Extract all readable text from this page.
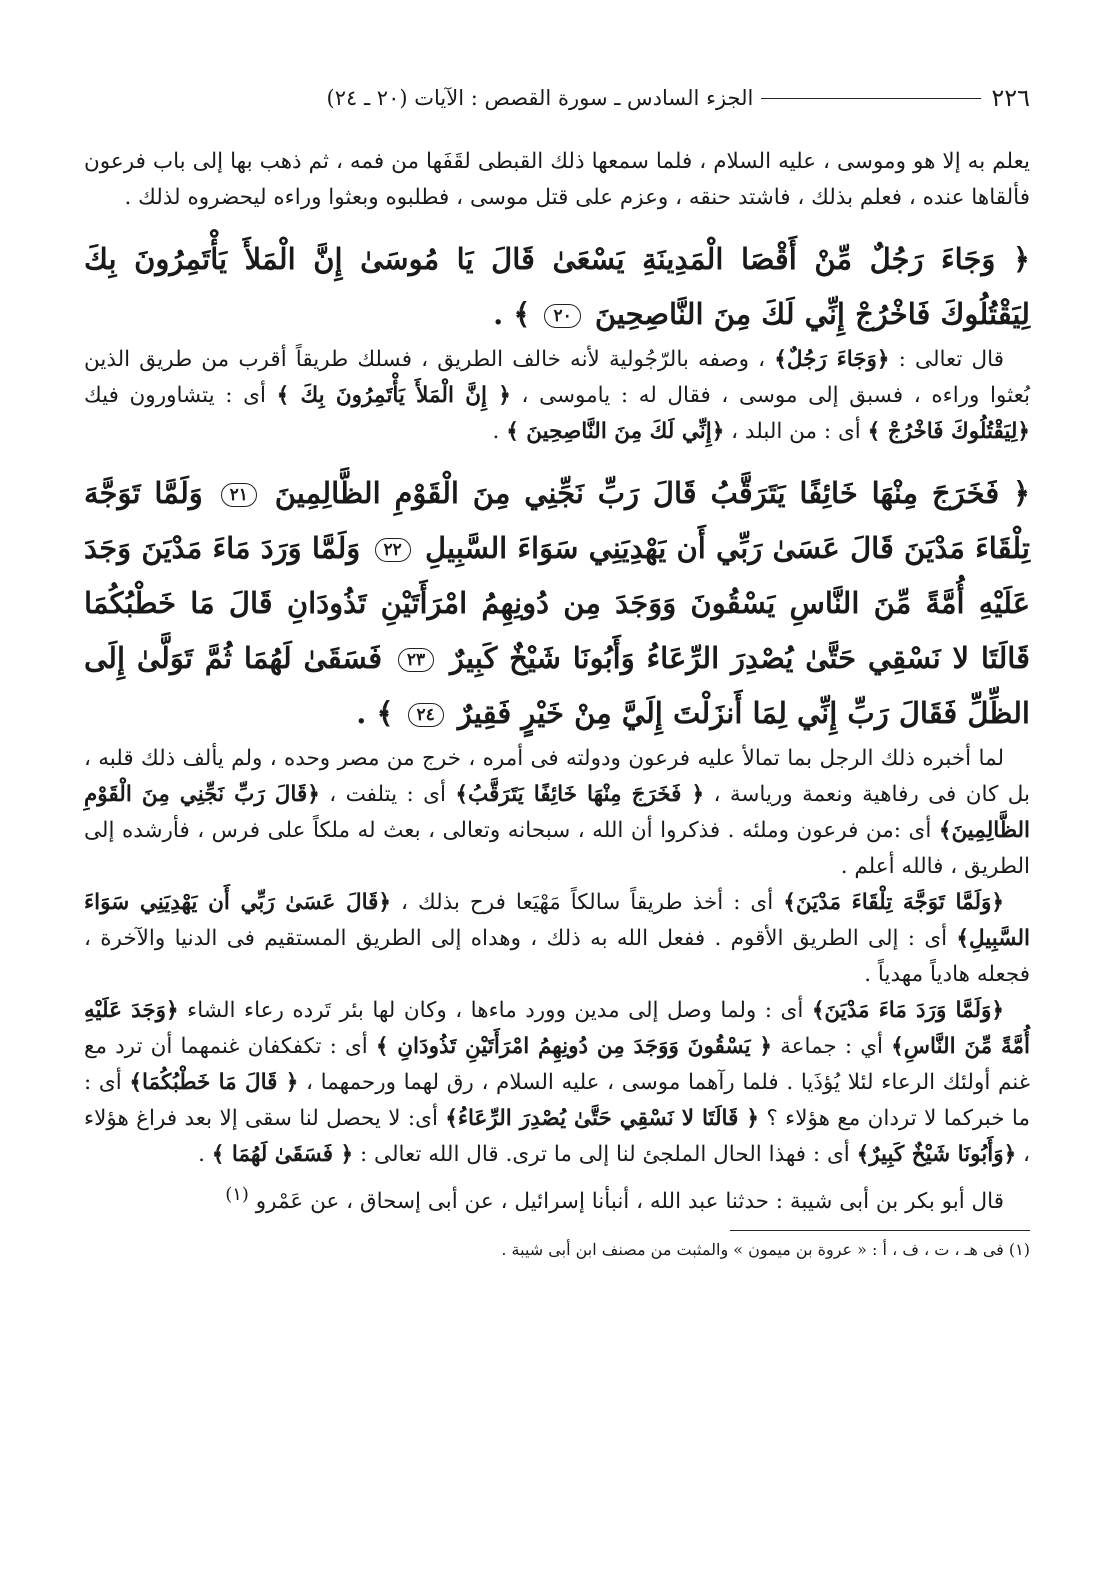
٢٢٦
الجزء السادس ـ سورة القصص : الآيات (٢٠ ـ ٢٤)

يعلم به إلا هو وموسى ، عليه السلام ، فلما سمعها ذلك القبطى لقَفَها من فمه ، ثم ذهب بها إلى باب فرعون فألقاها عنده ، فعلم بذلك ، فاشتد حنقه ، وعزم على قتل موسى ، فطلبوه وبعثوا وراءه ليحضروه لذلك .

﴿ وَجَاءَ رَجُلٌ مِّنْ أَقْصَا الْمَدِينَةِ يَسْعَىٰ قَالَ يَا مُوسَىٰ إِنَّ الْمَلأَ يَأْتَمِرُونَ بِكَ لِيَقْتُلُوكَ فَاخْرُجْ إِنِّي لَكَ مِنَ النَّاصِحِينَ ٢٠ ﴾ .

قال تعالى : ﴿وَجَاءَ رَجُلٌ﴾ ، وصفه بالرّجُولية لأنه خالف الطريق ، فسلك طريقاً أقرب من طريق الذين بُعثوا وراءه ، فسبق إلى موسى ، فقال له : ياموسى ، ﴿ إِنَّ الْمَلأَ يَأْتَمِرُونَ بِكَ ﴾ أى : يتشاورون فيك ﴿لِيَقْتُلُوكَ فَاخْرُجْ ﴾ أى : من البلد ، ﴿إِنِّي لَكَ مِنَ النَّاصِحِينَ ﴾ .

﴿ فَخَرَجَ مِنْهَا خَائِفًا يَتَرَقَّبُ قَالَ رَبِّ نَجِّنِي مِنَ الْقَوْمِ الظَّالِمِينَ ٢١ وَلَمَّا تَوَجَّهَ تِلْقَاءَ مَدْيَنَ قَالَ عَسَىٰ رَبِّي أَن يَهْدِيَنِي سَوَاءَ السَّبِيلِ ٢٢ وَلَمَّا وَرَدَ مَاءَ مَدْيَنَ وَجَدَ عَلَيْهِ أُمَّةً مِّنَ النَّاسِ يَسْقُونَ وَوَجَدَ مِن دُونِهِمُ امْرَأَتَيْنِ تَذُودَانِ قَالَ مَا خَطْبُكُمَا قَالَتَا لا نَسْقِي حَتَّىٰ يُصْدِرَ الرِّعَاءُ وَأَبُونَا شَيْخٌ كَبِيرٌ ٢٣ فَسَقَىٰ لَهُمَا ثُمَّ تَوَلَّىٰ إِلَى الظِّلِّ فَقَالَ رَبِّ إِنِّي لِمَا أَنزَلْتَ إِلَيَّ مِنْ خَيْرٍ فَقِيرٌ ٢٤ ﴾ .

لما أخبره ذلك الرجل بما تمالأ عليه فرعون ودولته فى أمره ، خرج من مصر وحده ، ولم يألف ذلك قلبه ، بل كان فى رفاهية ونعمة ورياسة ، ﴿ فَخَرَجَ مِنْهَا خَائِفًا يَتَرَقَّبُ﴾ أى : يتلفت ، ﴿قَالَ رَبِّ نَجِّنِي مِنَ الْقَوْمِ الظَّالِمِينَ﴾ أى :من فرعون وملئه . فذكروا أن الله ، سبحانه وتعالى ، بعث له ملكاً على فرس ، فأرشده إلى الطريق ، فالله أعلم .

﴿وَلَمَّا تَوَجَّهَ تِلْقَاءَ مَدْيَنَ﴾ أى : أخذ طريقاً سالكاً مَهْيَعا فرح بذلك ، ﴿قَالَ عَسَىٰ رَبِّي أَن يَهْدِيَنِي سَوَاءَ السَّبِيلِ﴾ أى : إلى الطريق الأقوم . ففعل الله به ذلك ، وهداه إلى الطريق المستقيم فى الدنيا والآخرة ، فجعله هادياً مهدياً .

﴿وَلَمَّا وَرَدَ مَاءَ مَدْيَنَ﴾ أى : ولما وصل إلى مدين وورد ماءها ، وكان لها بئر تَرده رعاء الشاء ﴿وَجَدَ عَلَيْهِ أُمَّةً مِّنَ النَّاسِ﴾ أي : جماعة ﴿ يَسْقُونَ وَوَجَدَ مِن دُونِهِمُ امْرَأَتَيْنِ تَذُودَانِ ﴾ أى : تكفكفان غنمهما أن ترد مع غنم أولئك الرعاء لئلا يُؤذَيا . فلما رآهما موسى ، عليه السلام ، رق لهما ورحمهما ، ﴿ قَالَ مَا خَطْبُكُمَا﴾ أى : ما خبركما لا تردان مع هؤلاء ؟ ﴿ قَالَتَا لا نَسْقِي حَتَّىٰ يُصْدِرَ الرِّعَاءُ﴾ أى: لا يحصل لنا سقى إلا بعد فراغ هؤلاء ، ﴿وَأَبُونَا شَيْخٌ كَبِيرٌ﴾ أى : فهذا الحال الملجئ لنا إلى ما ترى. قال الله تعالى : ﴿ فَسَقَىٰ لَهُمَا ﴾ .

قال أبو بكر بن أبى شيبة : حدثنا عبد الله ، أنبأنا إسرائيل ، عن أبى إسحاق ، عن عَمْرو $^{(١)}$

(١) فى هـ ، ت ، ف ، أ : « عروة بن ميمون » والمثبت من مصنف ابن أبى شيبة .
